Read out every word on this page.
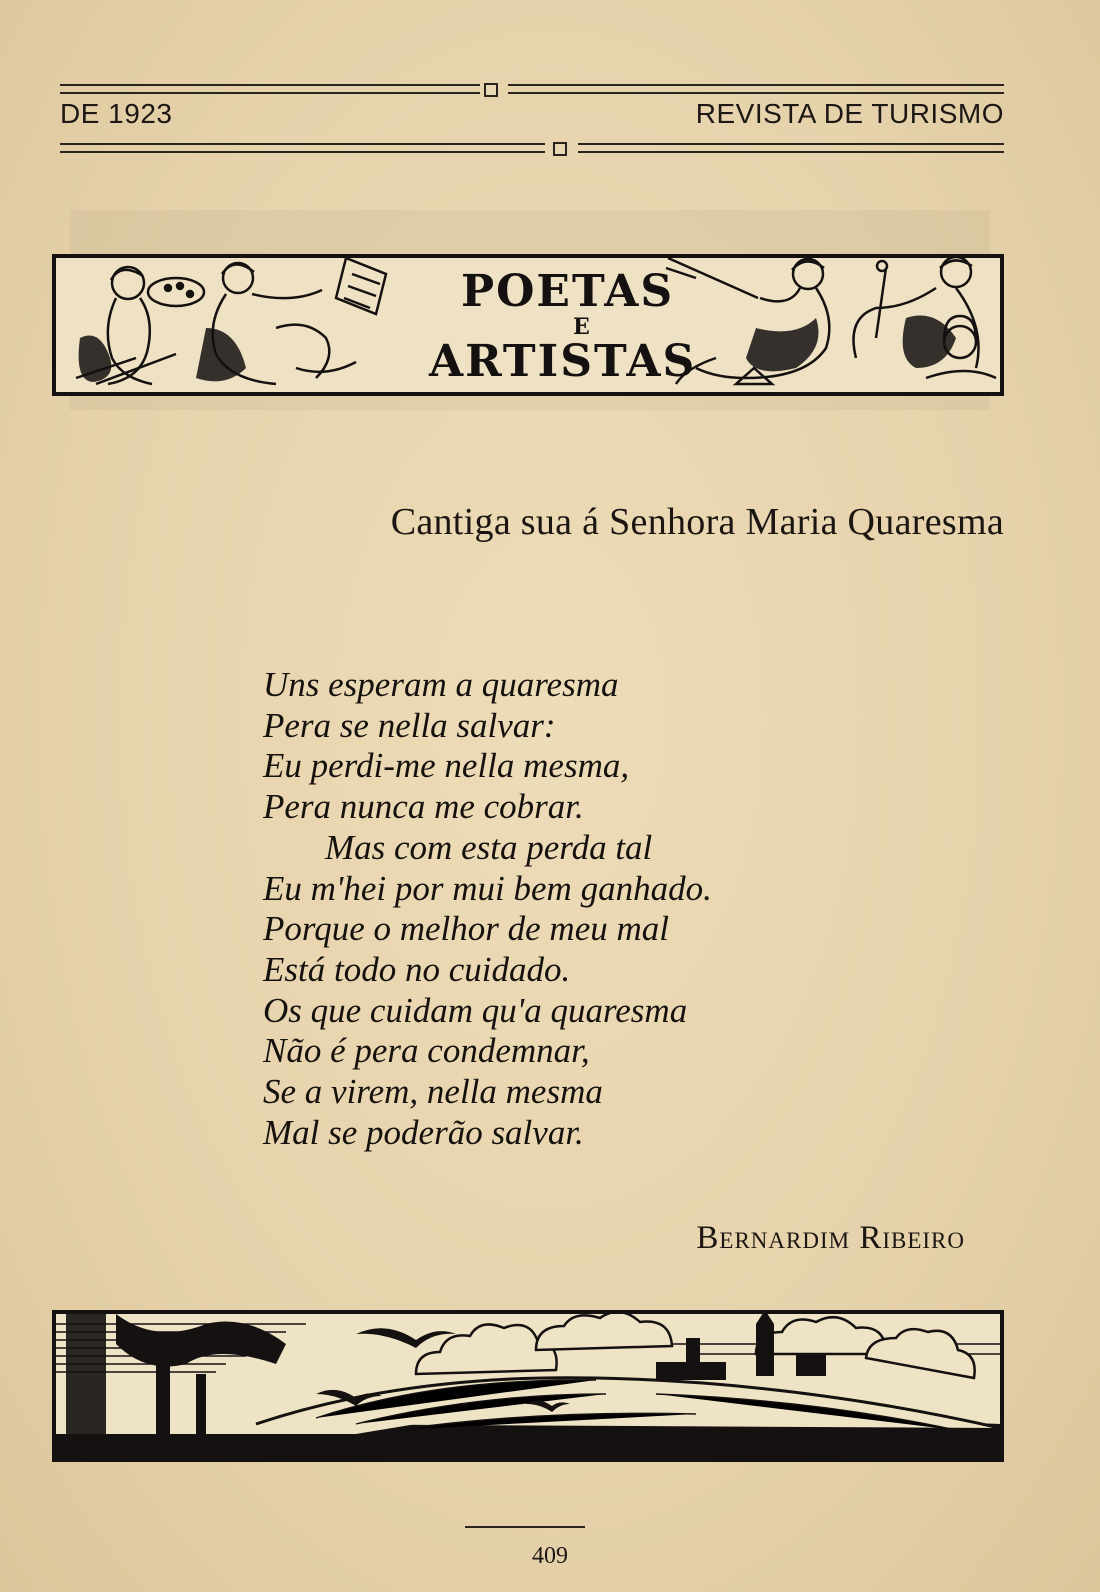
DE 1923	REVISTA DE TURISMO
POETAS
E
ARTISTAS
Cantiga sua á Senhora Maria Quaresma
Uns esperam a quaresma
Pera se nella salvar:
Eu perdi-me nella mesma,
Pera nunca me cobrar.
Mas com esta perda tal
Eu m'hei por mui bem ganhado.
Porque o melhor de meu mal
Está todo no cuidado.
Os que cuidam qu'a quaresma
Não é pera condemnar,
Se a virem, nella mesma
Mal se poderão salvar.
Bernardim Ribeiro
409
